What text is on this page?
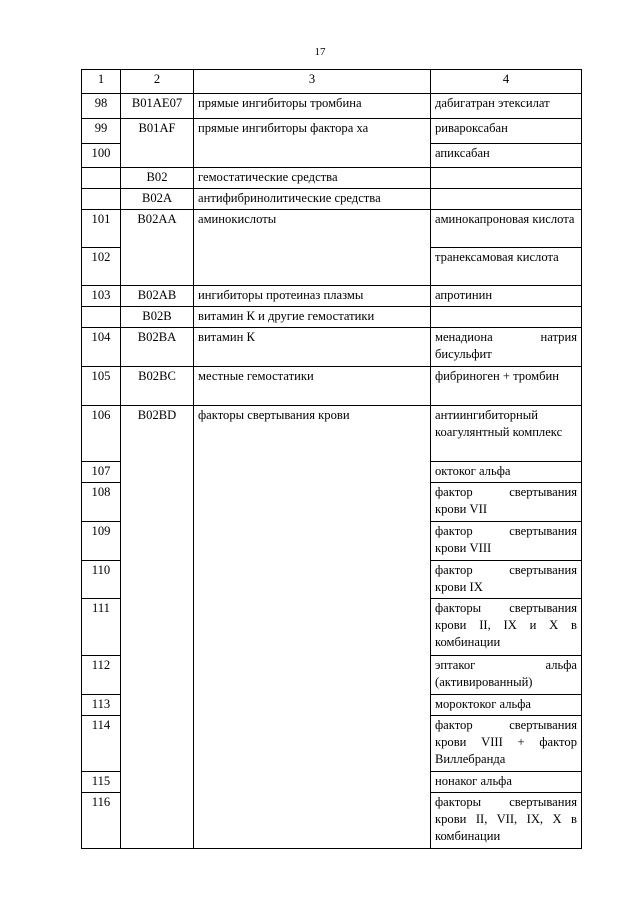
17
1	2	3	4
98	B01AE07	прямые ингибиторы тромбина	дабигатран этексилат
99	B01AF	прямые ингибиторы фактора ха	ривароксабан
100			апиксабан
	B02	гемостатические средства	
	B02A	антифибринолитические средства	
101	B02AA	аминокислоты	аминокапроновая кислота
102			транексамовая кислота
103	B02AB	ингибиторы протеиназ плазмы	апротинин
	B02B	витамин К и другие гемостатики	
104	B02BA	витамин К	менадиона натрия бисульфит
105	B02BC	местные гемостатики	фибриноген + тромбин
106	B02BD	факторы свертывания крови	антиингибиторный коагулянтный комплекс
107			октоког альфа
108			фактор свертывания крови VII
109			фактор свертывания крови VIII
110			фактор свертывания крови IX
111			факторы свертывания крови II, IX и X в комбинации
112			эптаког альфа (активированный)
113			мороктоког альфа
114			фактор свертывания крови VIII + фактор Виллебранда
115			нонаког альфа
116			факторы свертывания крови II, VII, IX, X в комбинации
